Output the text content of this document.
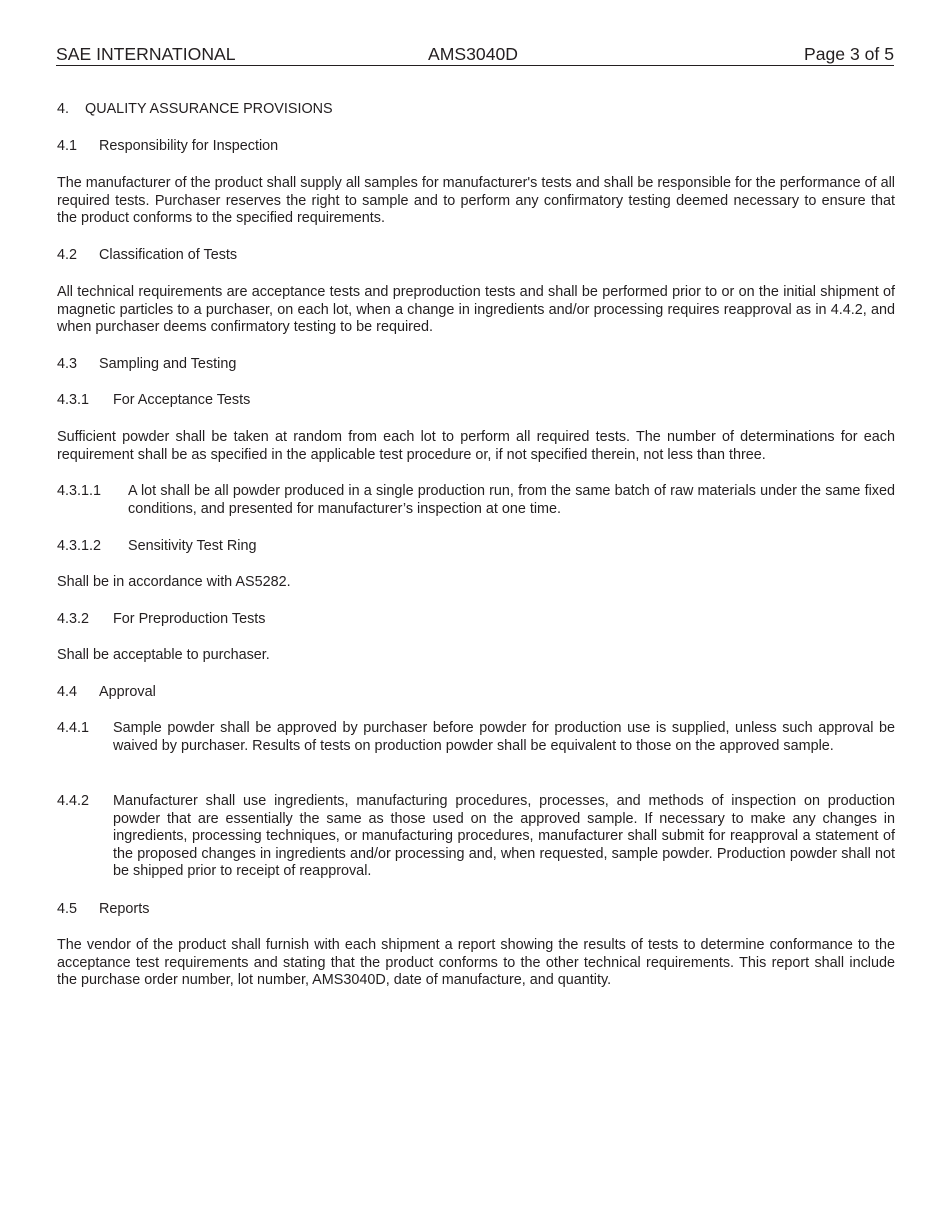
SAE INTERNATIONAL	AMS3040D	Page 3 of 5
4. QUALITY ASSURANCE PROVISIONS
4.1 Responsibility for Inspection
The manufacturer of the product shall supply all samples for manufacturer's tests and shall be responsible for the performance of all required tests. Purchaser reserves the right to sample and to perform any confirmatory testing deemed necessary to ensure that the product conforms to the specified requirements.
4.2 Classification of Tests
All technical requirements are acceptance tests and preproduction tests and shall be performed prior to or on the initial shipment of magnetic particles to a purchaser, on each lot, when a change in ingredients and/or processing requires reapproval as in 4.4.2, and when purchaser deems confirmatory testing to be required.
4.3 Sampling and Testing
4.3.1 For Acceptance Tests
Sufficient powder shall be taken at random from each lot to perform all required tests. The number of determinations for each requirement shall be as specified in the applicable test procedure or, if not specified therein, not less than three.
4.3.1.1 A lot shall be all powder produced in a single production run, from the same batch of raw materials under the same fixed conditions, and presented for manufacturer’s inspection at one time.
4.3.1.2 Sensitivity Test Ring
Shall be in accordance with AS5282.
4.3.2 For Preproduction Tests
Shall be acceptable to purchaser.
4.4 Approval
4.4.1 Sample powder shall be approved by purchaser before powder for production use is supplied, unless such approval be waived by purchaser. Results of tests on production powder shall be equivalent to those on the approved sample.
4.4.2 Manufacturer shall use ingredients, manufacturing procedures, processes, and methods of inspection on production powder that are essentially the same as those used on the approved sample. If necessary to make any changes in ingredients, processing techniques, or manufacturing procedures, manufacturer shall submit for reapproval a statement of the proposed changes in ingredients and/or processing and, when requested, sample powder. Production powder shall not be shipped prior to receipt of reapproval.
4.5 Reports
The vendor of the product shall furnish with each shipment a report showing the results of tests to determine conformance to the acceptance test requirements and stating that the product conforms to the other technical requirements. This report shall include the purchase order number, lot number, AMS3040D, date of manufacture, and quantity.
